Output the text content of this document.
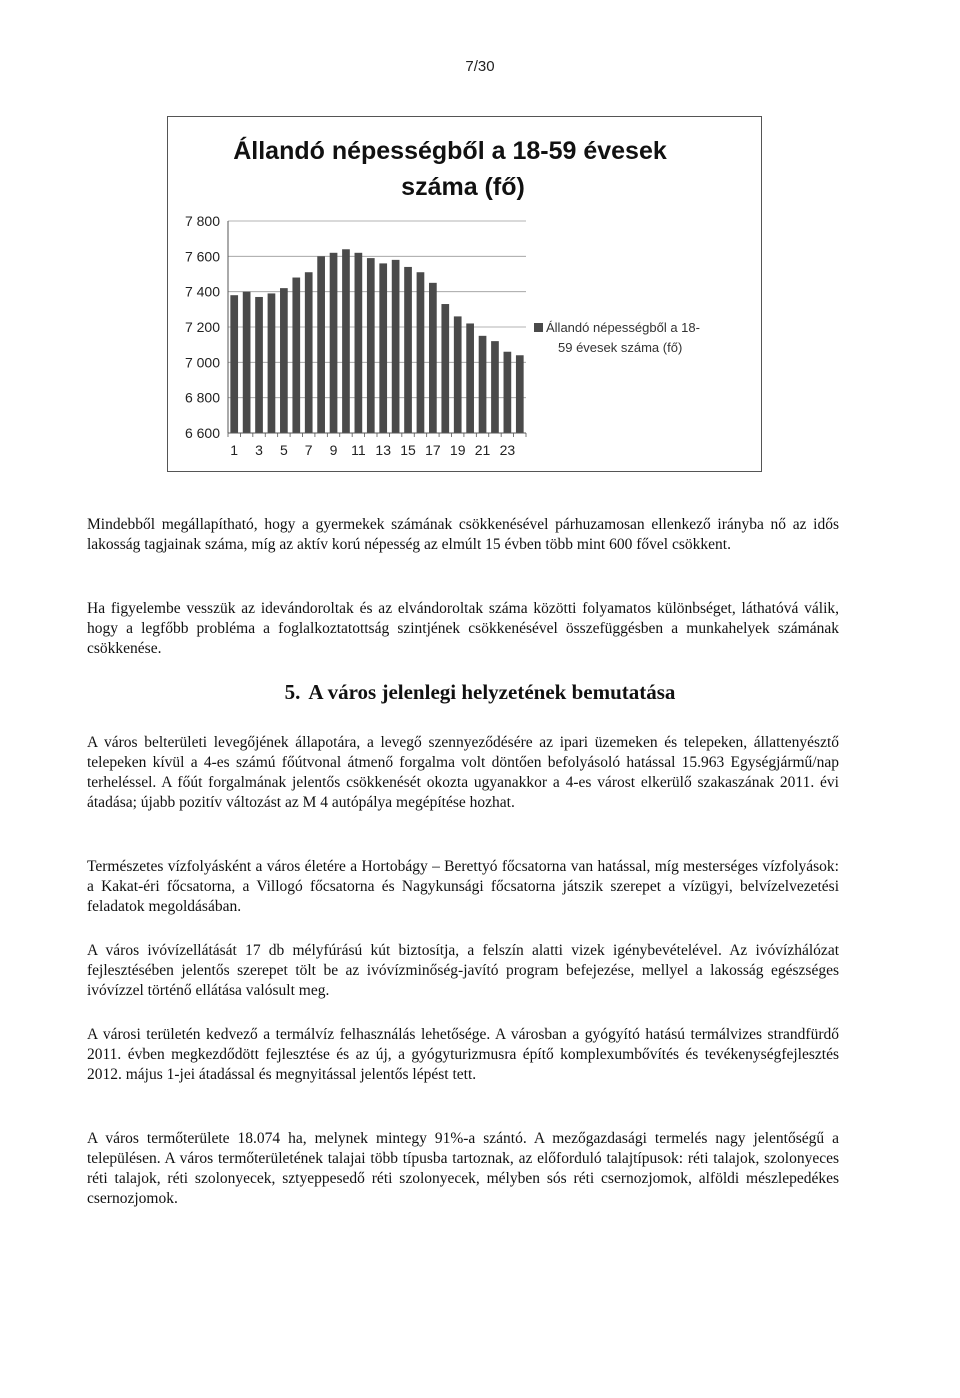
7/30
Állandó népességből a 18-59 évesek
száma (fő)
7 800
7 600
7 400
7 200
7 000
6 800
6 600
1 3 5 7 9 11 13 15 17 19 21 23
Állandó népességből a 18-
59 évesek száma (fő)

Mindebből megállapítható, hogy a gyermekek számának csökkenésével párhuzamosan ellenkező irányba nő az idős lakosság tagjainak száma, míg az aktív korú népesség az elmúlt 15 évben több mint 600 fővel csökkent.

Ha figyelembe vesszük az idevándoroltak és az elvándoroltak száma közötti folyamatos különbséget, láthatóvá válik, hogy a legfőbb probléma a foglalkoztatottság szintjének csökkenésével összefüggésben a munkahelyek számának csökkenése.

5. A város jelenlegi helyzetének bemutatása

A város belterületi levegőjének állapotára, a levegő szennyeződésére az ipari üzemeken és telepeken, állattenyésztő telepeken kívül a 4-es számú főútvonal átmenő forgalma volt döntően befolyásoló hatással 15.963 Egységjármű/nap terheléssel. A főút forgalmának jelentős csökkenését okozta ugyanakkor a 4-es várost elkerülő szakaszának 2011. évi átadása; újabb pozitív változást az M 4 autópálya megépítése hozhat.

Természetes vízfolyásként a város életére a Hortobágy – Berettyó főcsatorna van hatással, míg mesterséges vízfolyások: a Kakat-éri főcsatorna, a Villogó főcsatorna és Nagykunsági főcsatorna játszik szerepet a vízügyi, belvízelvezetési feladatok megoldásában.

A város ivóvízellátását 17 db mélyfúrású kút biztosítja, a felszín alatti vizek igénybevételével. Az ivóvízhálózat fejlesztésében jelentős szerepet tölt be az ivóvízminőség-javító program befejezése, mellyel a lakosság egészséges ivóvízzel történő ellátása valósult meg.

A városi területén kedvező a termálvíz felhasználás lehetősége. A városban a gyógyító hatású termálvizes strandfürdő 2011. évben megkezdődött fejlesztése és az új, a gyógyturizmusra építő komplexumbővítés és tevékenységfejlesztés 2012. május 1-jei átadással és megnyitással jelentős lépést tett.

A város termőterülete 18.074 ha, melynek mintegy 91%-a szántó. A mezőgazdasági termelés nagy jelentőségű a településen. A város termőterületének talajai több típusba tartoznak, az előforduló talajtípusok: réti talajok, szolonyeces réti talajok, réti szolonyecek, sztyeppesedő réti szolonyecek, mélyben sós réti csernozjomok, alföldi mészlepedékes csernozjomok.
